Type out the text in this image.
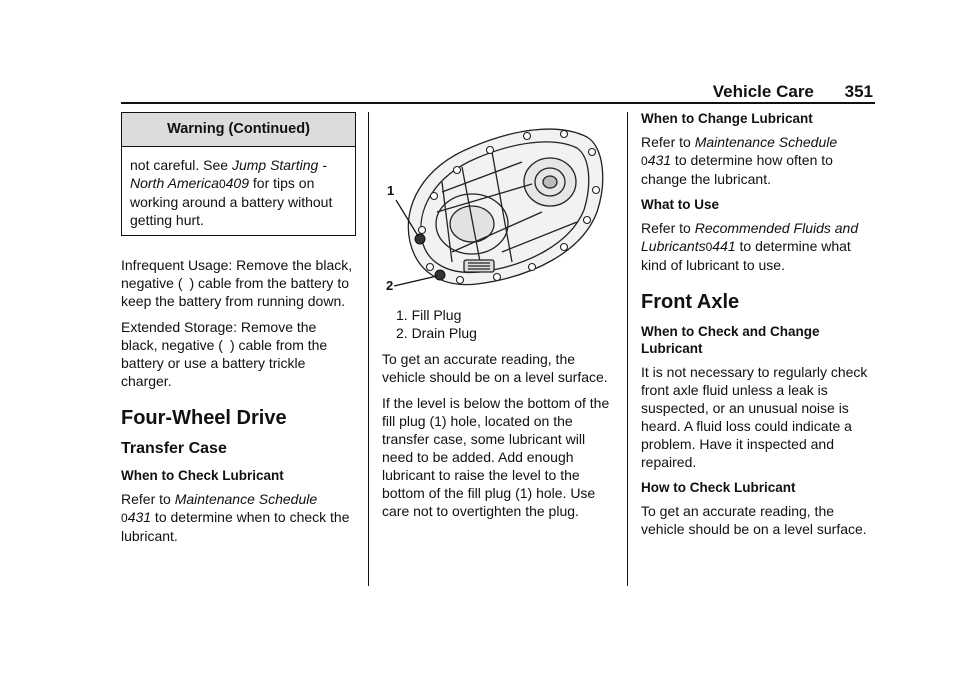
Vehicle Care 351
Warning (Continued)

not careful. See Jump Starting - North America0409 for tips on working around a battery without getting hurt.

Infrequent Usage: Remove the black, negative ( ) cable from the battery to keep the battery from running down.

Extended Storage: Remove the black, negative ( ) cable from the battery or use a battery trickle charger.

Four-Wheel Drive
Transfer Case
When to Check Lubricant

Refer to Maintenance Schedule
0431 to determine when to check the lubricant.

1
2
1. Fill Plug
2. Drain Plug

To get an accurate reading, the vehicle should be on a level surface.

If the level is below the bottom of the fill plug (1) hole, located on the transfer case, some lubricant will need to be added. Add enough lubricant to raise the level to the bottom of the fill plug (1) hole. Use care not to overtighten the plug.

When to Change Lubricant

Refer to Maintenance Schedule
0431 to determine how often to change the lubricant.

What to Use

Refer to Recommended Fluids and Lubricants0441 to determine what kind of lubricant to use.

Front Axle
When to Check and Change Lubricant

It is not necessary to regularly check front axle fluid unless a leak is suspected, or an unusual noise is heard. A fluid loss could indicate a problem. Have it inspected and repaired.

How to Check Lubricant

To get an accurate reading, the vehicle should be on a level surface.
